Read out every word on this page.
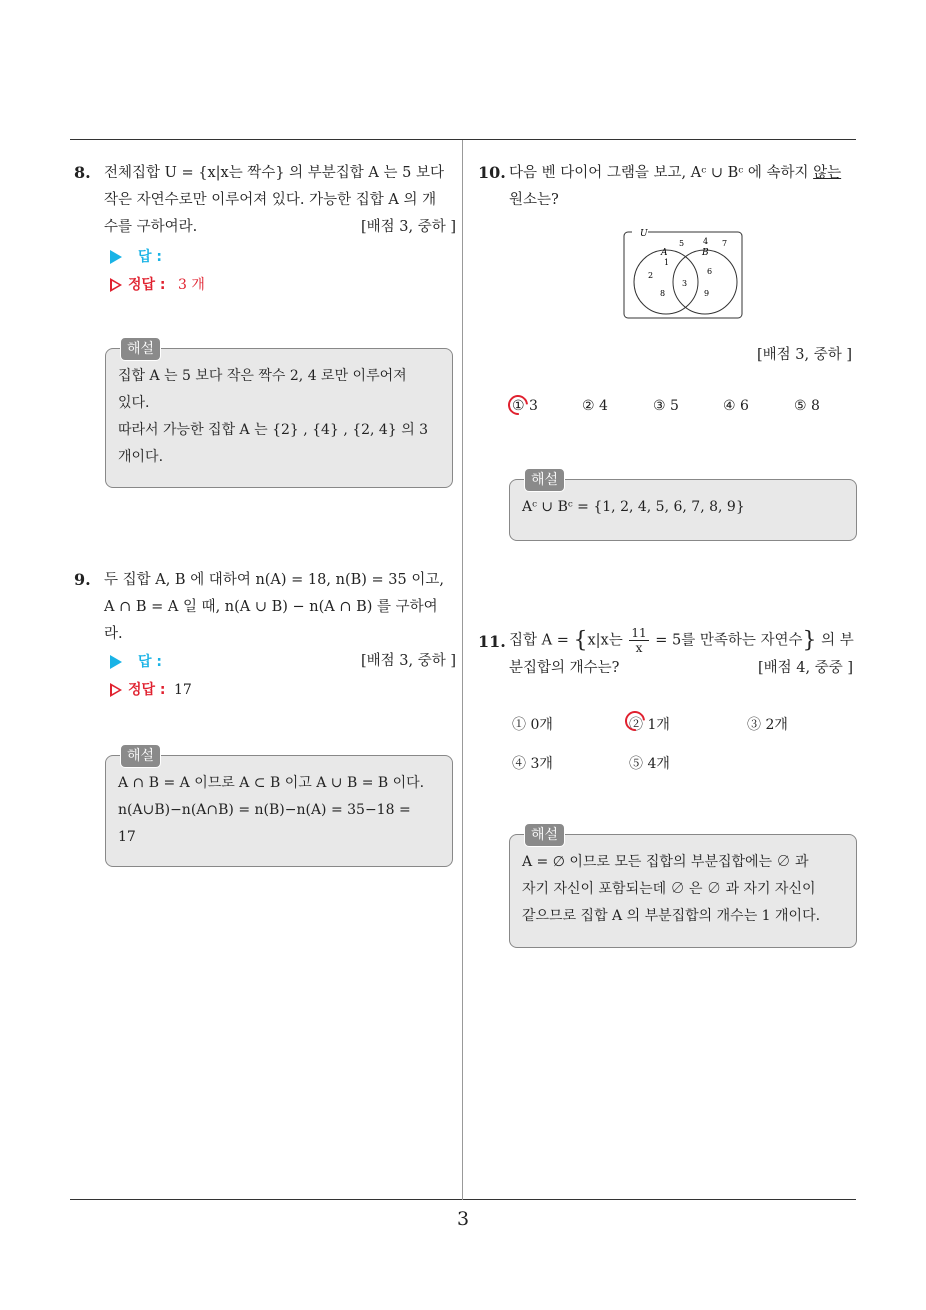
3
8. 전체집합 U = {x|x는 짝수} 의 부분집합 A 는 5 보다
작은 자연수로만 이루어져 있다. 가능한 집합 A 의 개
수를 구하여라.	[배점 3, 중하 ]
답 :
정답 : 3 개
해설
집합 A 는 5 보다 작은 짝수 2, 4 로만 이루어져
있다.
따라서 가능한 집합 A 는 {2} , {4} , {2, 4} 의 3
개이다.
9. 두 집합 A, B 에 대하여 n(A) = 18, n(B) = 35 이고,
A ∩ B = A 일 때, n(A ∪ B) − n(A ∩ B) 를 구하여라.
[배점 3, 중하 ]
답 :
정답 : 17
해설
A ∩ B = A 이므로 A ⊂ B 이고 A ∪ B = B 이다.
n(A∪B)−n(A∩B) = n(B)−n(A) = 35−18 =
17
10. 다음 벤 다이어 그램을 보고, Aᶜ ∪ Bᶜ 에 속하지 않는
원소는?
U
A	B
1
2
8
3
6
9
5 4 7
[배점 3, 중하 ]
① 3	② 4	③ 5	④ 6	⑤ 8
해설
Aᶜ ∪ Bᶜ = {1, 2, 4, 5, 6, 7, 8, 9}
11. 집합 A = {x|x는 $\frac{11}{x} = 5$를 만족하는 자연수} 의 부
분집합의 개수는?	[배점 4, 중중 ]
① 0개	② 1개	③ 2개
④ 3개	⑤ 4개
해설
A = ∅ 이므로 모든 집합의 부분집합에는 ∅ 과
자기 자신이 포함되는데 ∅ 은 ∅ 과 자기 자신이
같으므로 집합 A 의 부분집합의 개수는 1 개이다.
